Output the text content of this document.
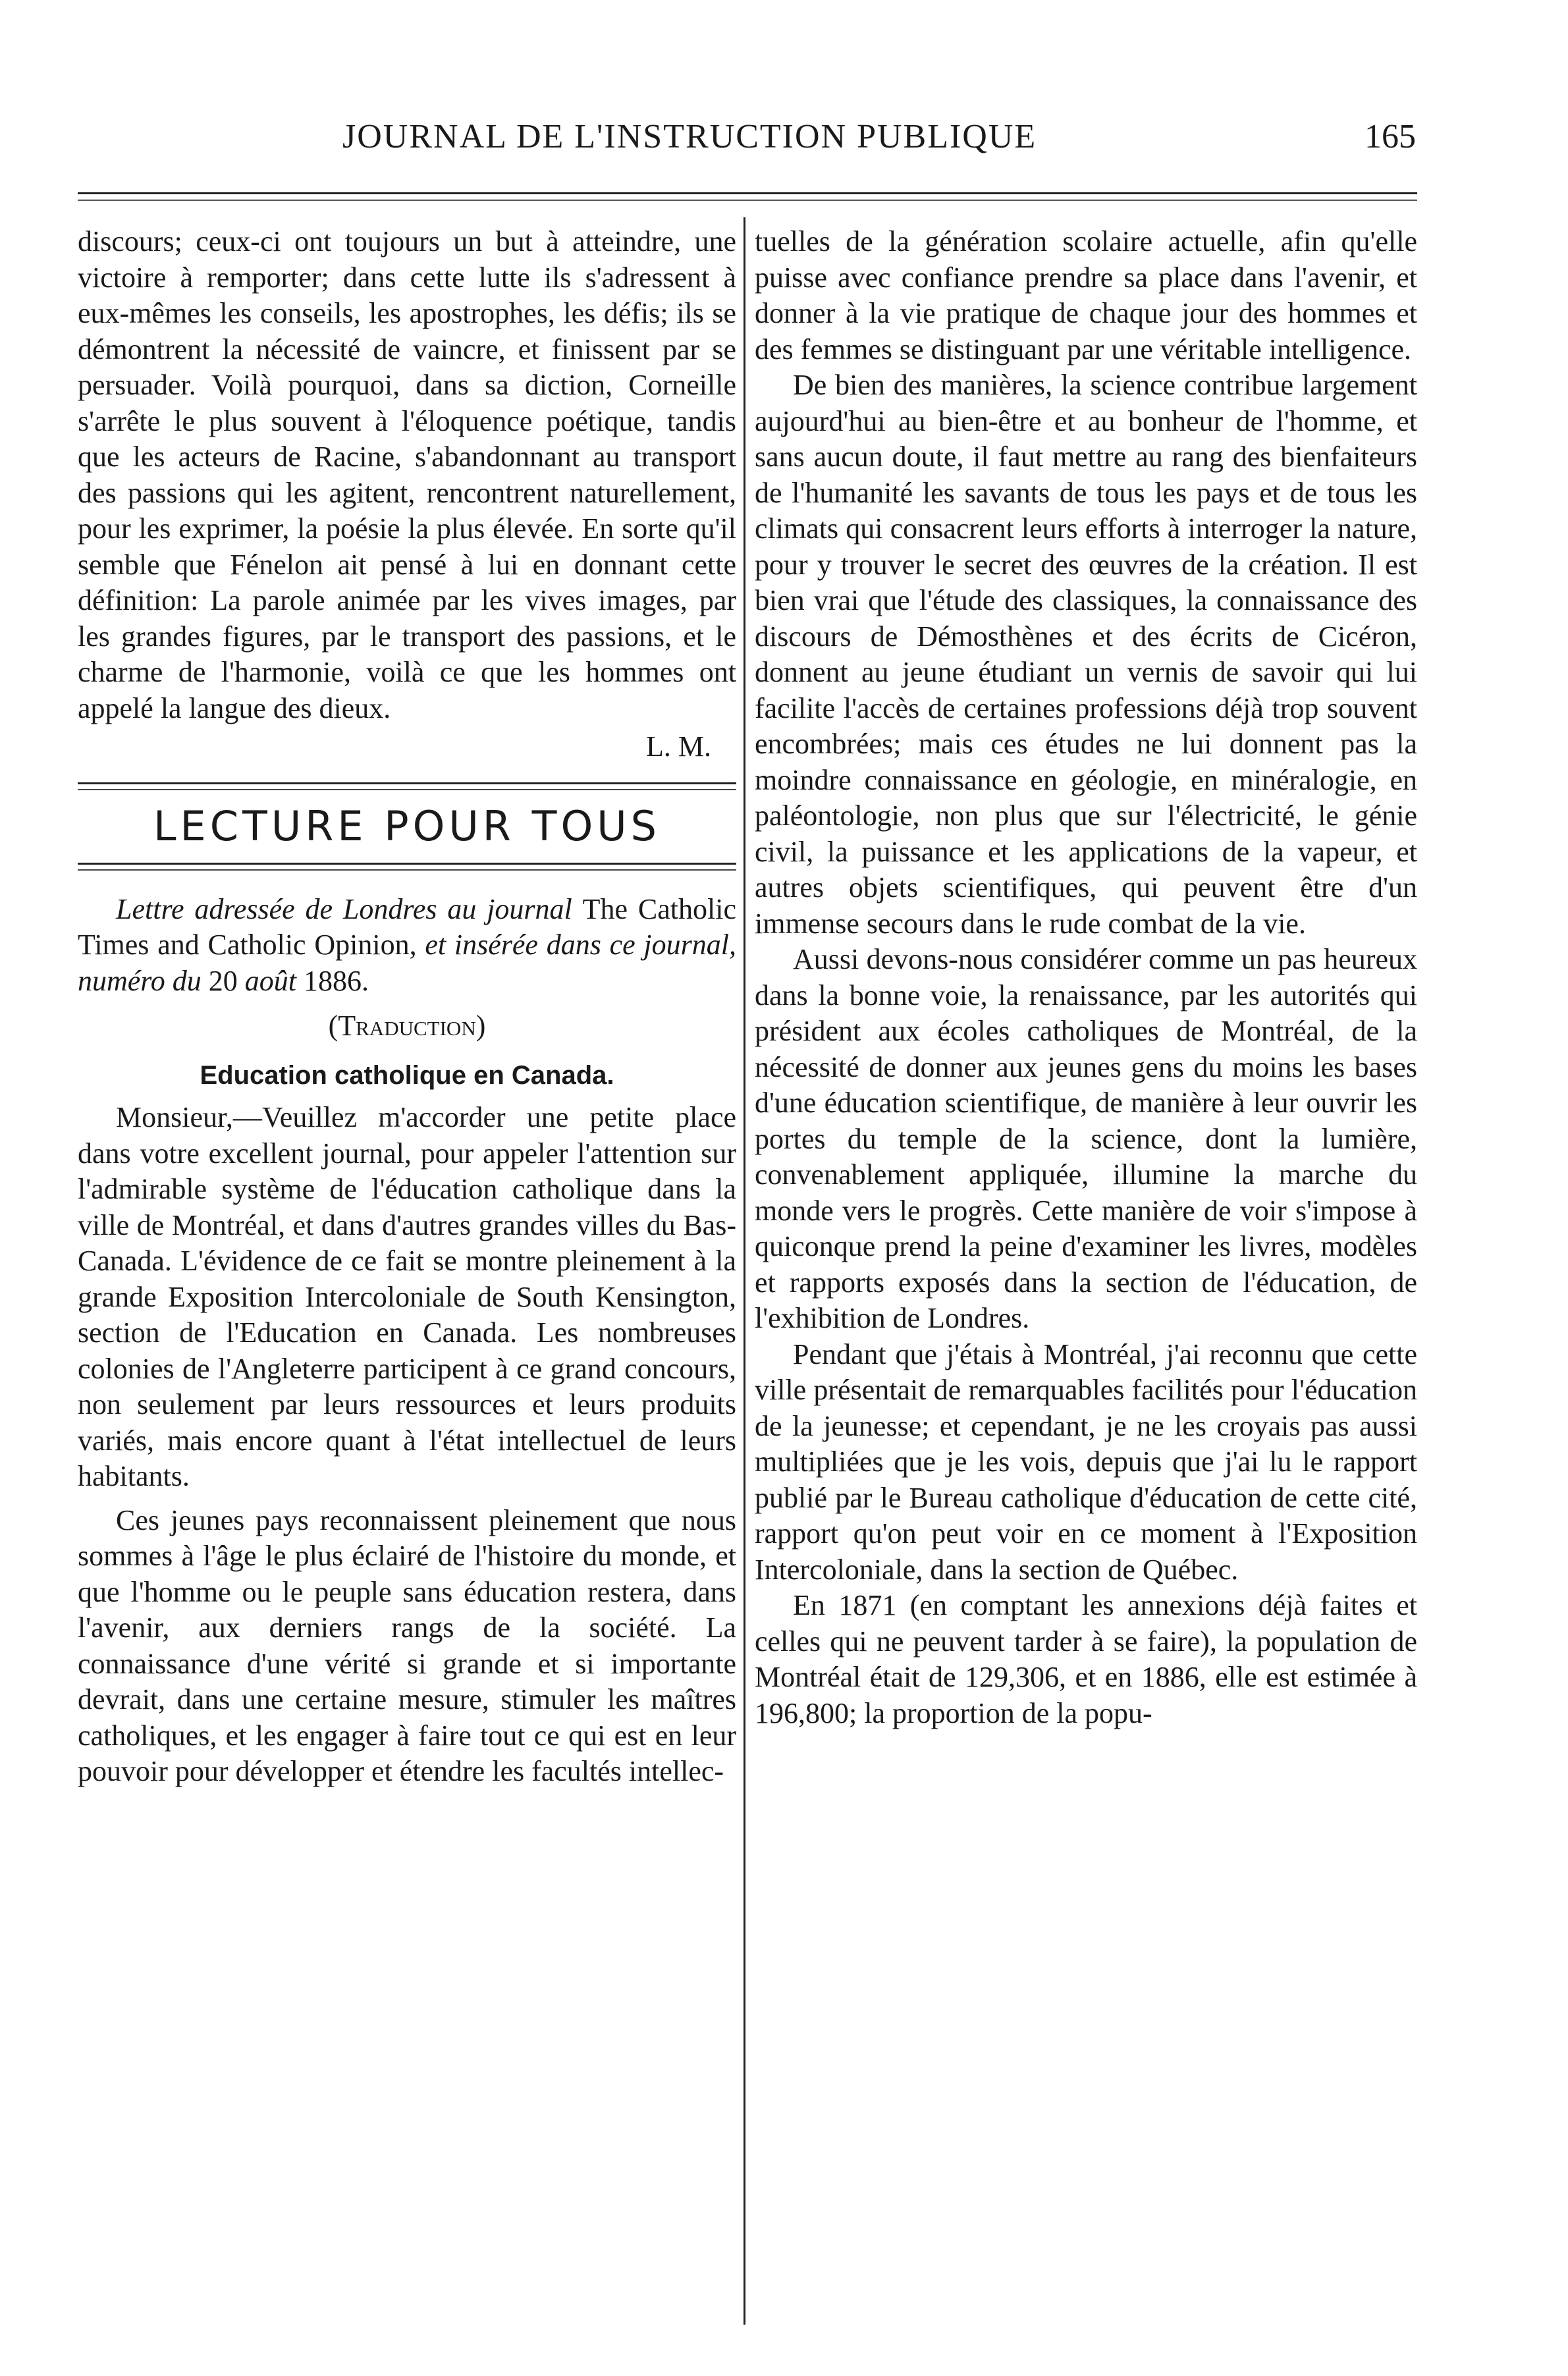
JOURNAL DE L'INSTRUCTION PUBLIQUE	165

discours; ceux-ci ont toujours un but à atteindre, une victoire à remporter; dans cette lutte ils s'adressent à eux-mêmes les conseils, les apostrophes, les défis; ils se démontrent la nécessité de vaincre, et finissent par se persuader. Voilà pourquoi, dans sa diction, Corneille s'arrête le plus souvent à l'éloquence poétique, tandis que les acteurs de Racine, s'abandonnant au transport des passions qui les agitent, rencontrent naturellement, pour les exprimer, la poésie la plus élevée. En sorte qu'il semble que Fénelon ait pensé à lui en donnant cette définition: La parole animée par les vives images, par les grandes figures, par le transport des passions, et le charme de l'harmonie, voilà ce que les hommes ont appelé la langue des dieux.

L. M.

LECTURE POUR TOUS

Lettre adressée de Londres au journal The Catholic Times and Catholic Opinion, et insérée dans ce journal, numéro du 20 août 1886.

(Traduction)

Education catholique en Canada.

Monsieur,—Veuillez m'accorder une petite place dans votre excellent journal, pour appeler l'attention sur l'admirable système de l'éducation catholique dans la ville de Montréal, et dans d'autres grandes villes du Bas-Canada. L'évidence de ce fait se montre pleinement à la grande Exposition Intercoloniale de South Kensington, section de l'Education en Canada. Les nombreuses colonies de l'Angleterre participent à ce grand concours, non seulement par leurs ressources et leurs produits variés, mais encore quant à l'état intellectuel de leurs habitants.

Ces jeunes pays reconnaissent pleinement que nous sommes à l'âge le plus éclairé de l'histoire du monde, et que l'homme ou le peuple sans éducation restera, dans l'avenir, aux derniers rangs de la société. La connaissance d'une vérité si grande et si importante devrait, dans une certaine mesure, stimuler les maîtres catholiques, et les engager à faire tout ce qui est en leur pouvoir pour développer et étendre les facultés intellec-

tuelles de la génération scolaire actuelle, afin qu'elle puisse avec confiance prendre sa place dans l'avenir, et donner à la vie pratique de chaque jour des hommes et des femmes se distinguant par une véritable intelligence.

De bien des manières, la science contribue largement aujourd'hui au bien-être et au bonheur de l'homme, et sans aucun doute, il faut mettre au rang des bienfaiteurs de l'humanité les savants de tous les pays et de tous les climats qui consacrent leurs efforts à interroger la nature, pour y trouver le secret des œuvres de la création. Il est bien vrai que l'étude des classiques, la connaissance des discours de Démosthènes et des écrits de Cicéron, donnent au jeune étudiant un vernis de savoir qui lui facilite l'accès de certaines professions déjà trop souvent encombrées; mais ces études ne lui donnent pas la moindre connaissance en géologie, en minéralogie, en paléontologie, non plus que sur l'électricité, le génie civil, la puissance et les applications de la vapeur, et autres objets scientifiques, qui peuvent être d'un immense secours dans le rude combat de la vie.

Aussi devons-nous considérer comme un pas heureux dans la bonne voie, la renaissance, par les autorités qui président aux écoles catholiques de Montréal, de la nécessité de donner aux jeunes gens du moins les bases d'une éducation scientifique, de manière à leur ouvrir les portes du temple de la science, dont la lumière, convenablement appliquée, illumine la marche du monde vers le progrès. Cette manière de voir s'impose à quiconque prend la peine d'examiner les livres, modèles et rapports exposés dans la section de l'éducation, de l'exhibition de Londres.

Pendant que j'étais à Montréal, j'ai reconnu que cette ville présentait de remarquables facilités pour l'éducation de la jeunesse; et cependant, je ne les croyais pas aussi multipliées que je les vois, depuis que j'ai lu le rapport publié par le Bureau catholique d'éducation de cette cité, rapport qu'on peut voir en ce moment à l'Exposition Intercoloniale, dans la section de Québec.

En 1871 (en comptant les annexions déjà faites et celles qui ne peuvent tarder à se faire), la population de Montréal était de 129,306, et en 1886, elle est estimée à 196,800; la proportion de la popu-
